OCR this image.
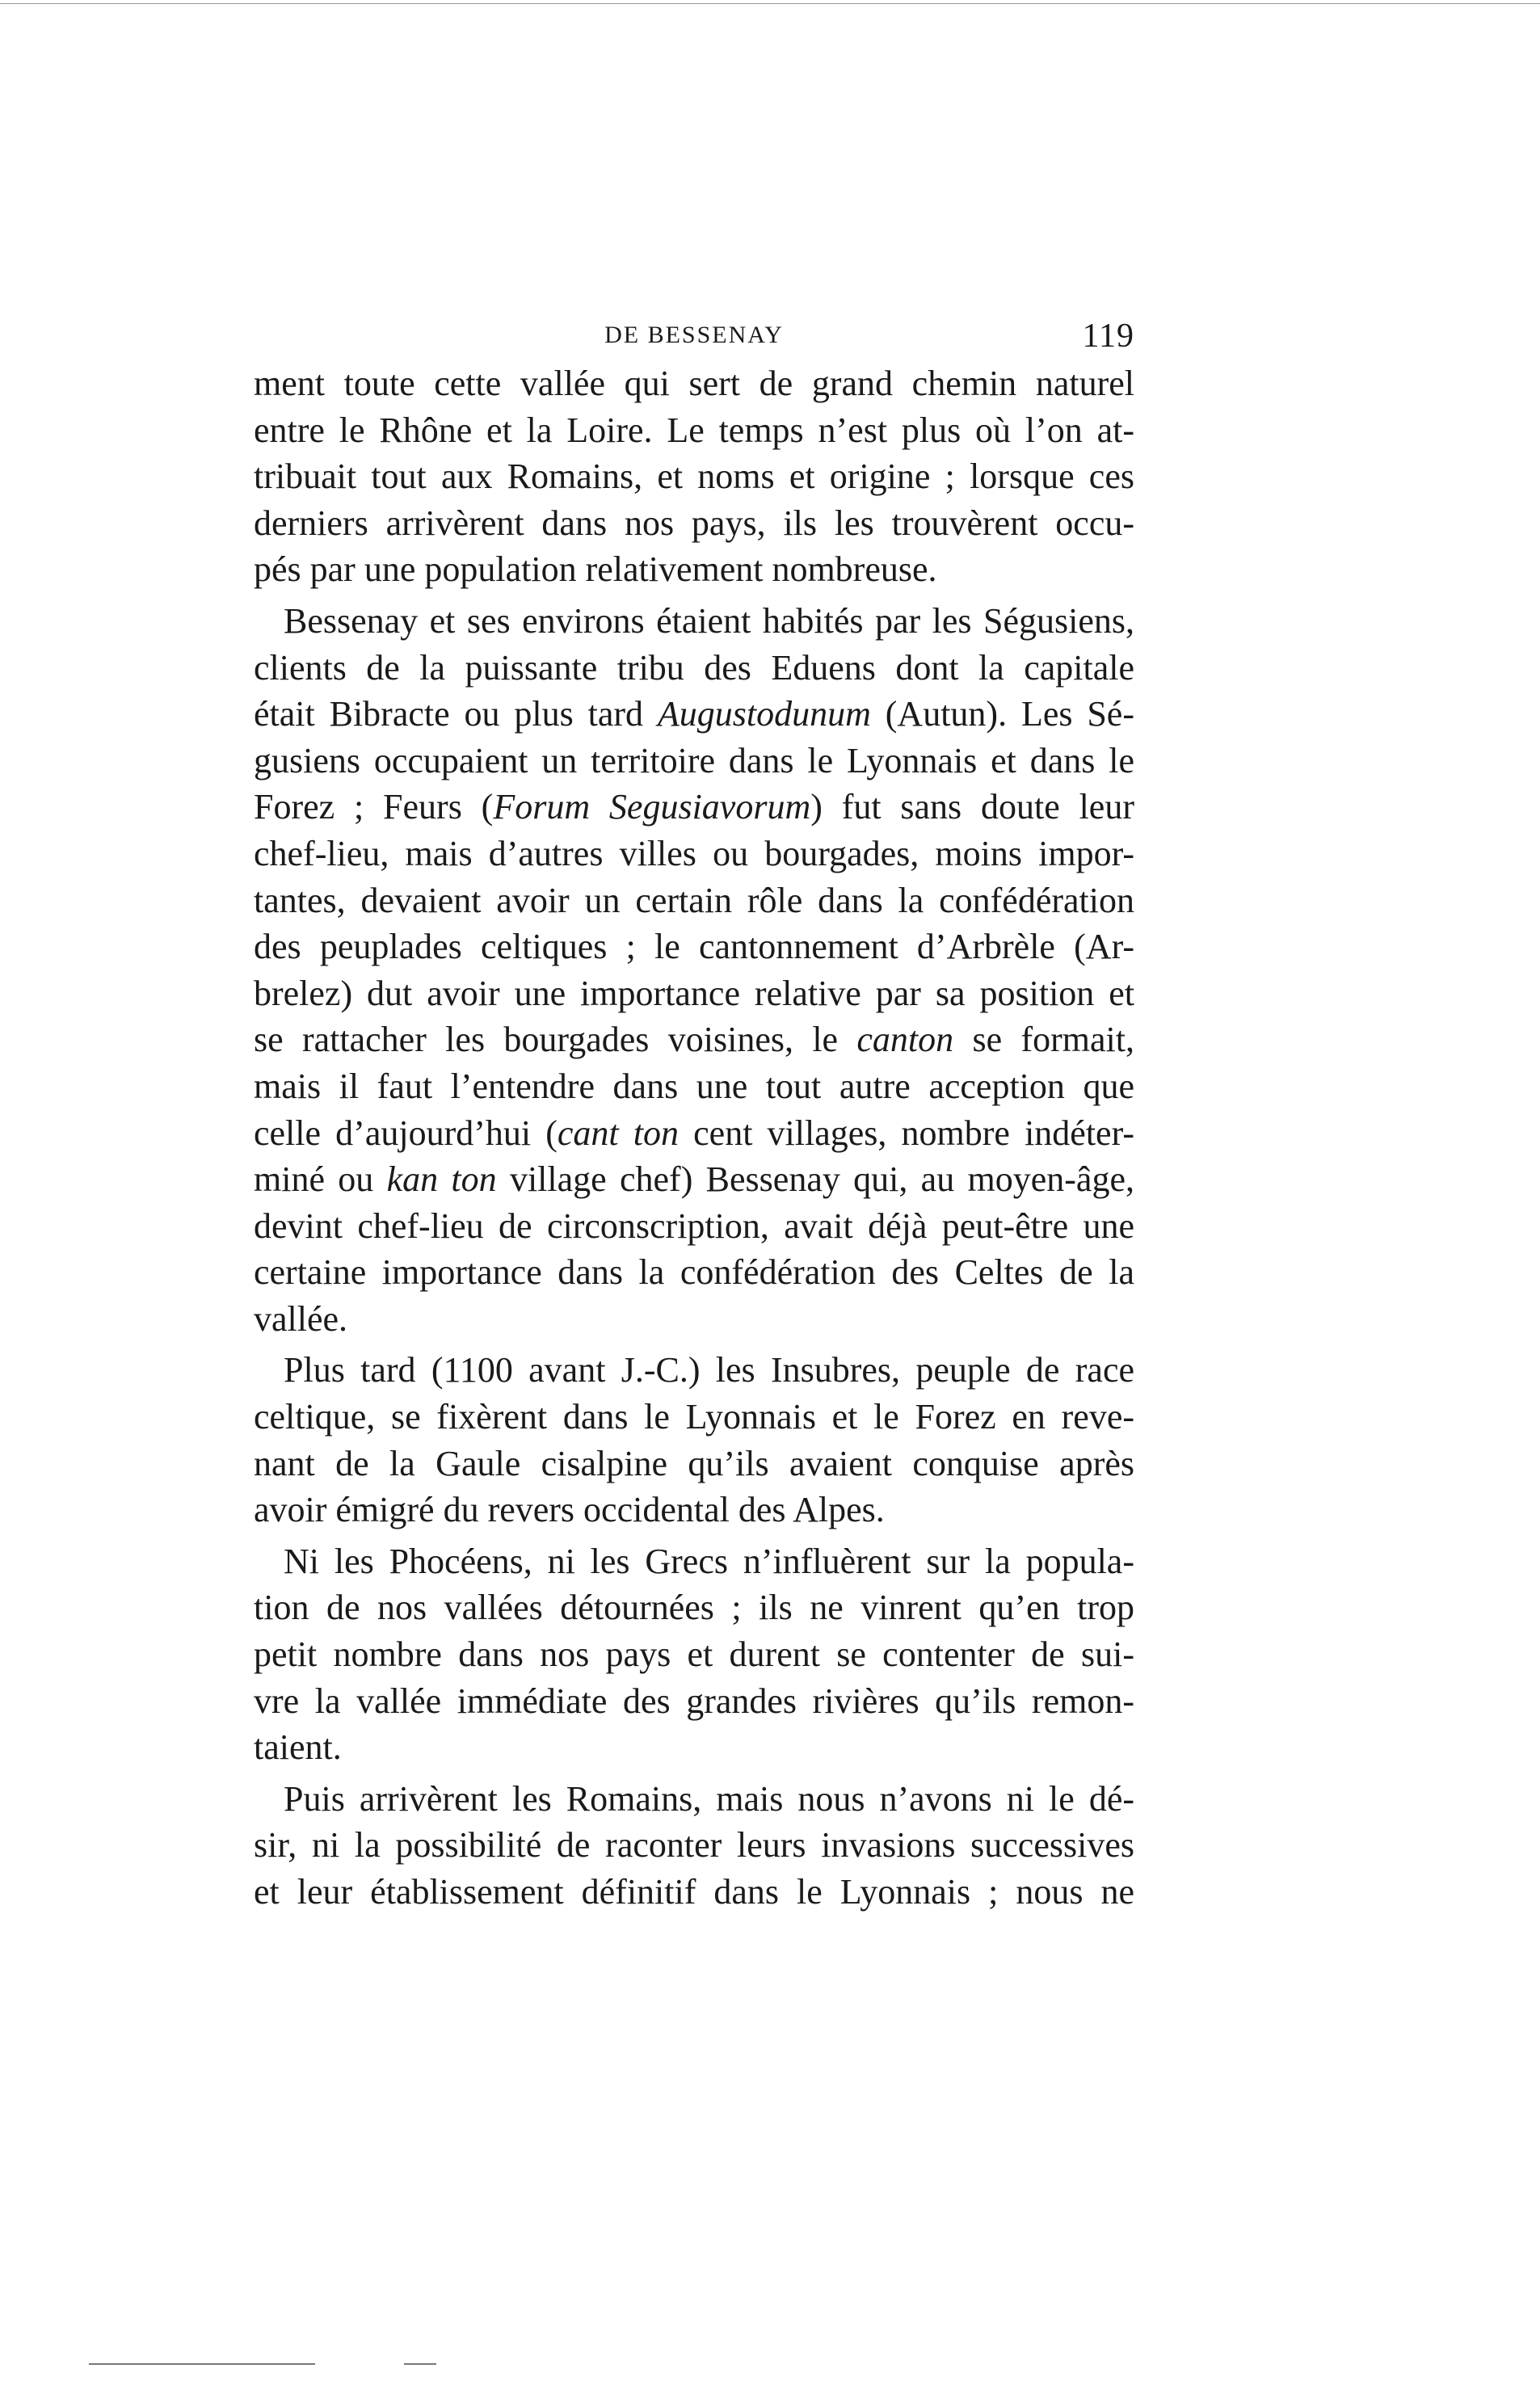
DE BESSENAY	119
ment toute cette vallée qui sert de grand chemin naturel
entre le Rhône et la Loire. Le temps n’est plus où l’on at-
tribuait tout aux Romains, et noms et origine ; lorsque ces
derniers arrivèrent dans nos pays, ils les trouvèrent occu-
pés par une population relativement nombreuse.
Bessenay et ses environs étaient habités par les Ségusiens,
clients de la puissante tribu des Eduens dont la capitale
était Bibracte ou plus tard Augustodunum (Autun). Les Sé-
gusiens occupaient un territoire dans le Lyonnais et dans le
Forez ; Feurs (Forum Segusiavorum) fut sans doute leur
chef-lieu, mais d’autres villes ou bourgades, moins impor-
tantes, devaient avoir un certain rôle dans la confédération
des peuplades celtiques ; le cantonnement d’Arbrèle (Ar-
brelez) dut avoir une importance relative par sa position et
se rattacher les bourgades voisines, le canton se formait,
mais il faut l’entendre dans une tout autre acception que
celle d’aujourd’hui (cant ton cent villages, nombre indéter-
miné ou kan ton village chef) Bessenay qui, au moyen-âge,
devint chef-lieu de circonscription, avait déjà peut-être une
certaine importance dans la confédération des Celtes de la
vallée.
Plus tard (1100 avant J.-C.) les Insubres, peuple de race
celtique, se fixèrent dans le Lyonnais et le Forez en reve-
nant de la Gaule cisalpine qu’ils avaient conquise après
avoir émigré du revers occidental des Alpes.
Ni les Phocéens, ni les Grecs n’influèrent sur la popula-
tion de nos vallées détournées ; ils ne vinrent qu’en trop
petit nombre dans nos pays et durent se contenter de sui-
vre la vallée immédiate des grandes rivières qu’ils remon-
taient.
Puis arrivèrent les Romains, mais nous n’avons ni le dé-
sir, ni la possibilité de raconter leurs invasions successives
et leur établissement définitif dans le Lyonnais ; nous ne
